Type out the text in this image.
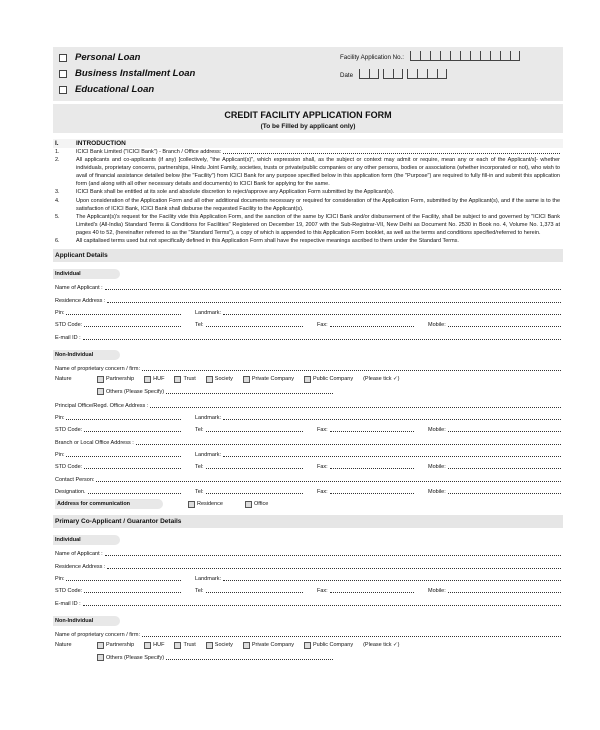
Personal Loan
Business Installment Loan
Educational Loan
Facility Application No.:
Date
CREDIT FACILITY APPLICATION FORM
(To be Filled by applicant only)
I.	INTRODUCTION
1.	ICICI Bank Limited ("ICICI Bank") - Branch / Office address:
2.	All applicants and co-applicants (if any) [collectively, "the Applicant(s)", which expression shall, as the subject or context may admit or require, mean any or each of the Applicant/s]- whether individuals, proprietary concerns, partnerships, Hindu Joint Family, societies, trusts or private/public companies or any other persons, bodies or associations (whether incorporated or not), who wish to avail of financial assistance detailed below (the "Facility") from ICICI Bank for any purpose specified below in this application form (the "Purpose") are required to fully fill-in and submit this application form (and along with all other necessary details and documents) to ICICI Bank for applying for the same.
3.	ICICI Bank shall be entitled at its sole and absolute discretion to reject/approve any Application Form submitted by the Applicant(s).
4.	Upon consideration of the Application Form and all other additional documents necessary or required for consideration of the Application Form, submitted by the Applicant(s), and if the same is to the satisfaction of ICICI Bank, ICICI Bank shall disburse the requested Facility to the Applicant(s).
5.	The Applicant(s)'s request for the Facility vide this Application Form, and the sanction of the same by ICICI Bank and/or disbursement of the Facility, shall be subject to and governed by "ICICI Bank Limited's (All-India) Standard Terms & Conditions for Facilities" Registered on December 19, 2007 with the Sub-Registrar-VII, New Delhi as Document No. 2530 in Book no. 4, Volume No. 1,373 at pages 40 to 52, (hereinafter referred to as the "Standard Terms"), a copy of which is appended to this Application Form booklet, as well as the terms and conditions specified/referred to herein.
6.	All capitalised terms used but not specifically defined in this Application Form shall have the respective meanings ascribed to them under the Standard Terms.
Applicant Details
Individual
Name of Applicant :
Residence Address :
Pin:	Landmark:
STD Code:	Tel:	Fax:	Mobile:
E-mail ID :
Non-Individual
Name of proprietary concern / firm:
Nature	Partnership	HUF	Trust	Society	Private Company	Public Company (Please tick ✓)
Others (Please Specify)
Principal Office/Regd. Office Address :
Pin:	Landmark:
STD Code:	Tel:	Fax:	Mobile:
Branch or Local Office Address :
Pin:	Landmark:
STD Code:	Tel:	Fax:	Mobile:
Contact Person:
Designation.	Tel:	Fax:	Mobile:
Address for communication	Residence	Office
Primary Co-Applicant / Guarantor Details
Individual
Name of Applicant :
Residence Address :
Pin:	Landmark:
STD Code:	Tel:	Fax:	Mobile:
E-mail ID :
Non-Individual
Name of proprietary concern / firm:
Nature	Partnership	HUF	Trust	Society	Private Company	Public Company (Please tick ✓)
Others (Please Specify)
